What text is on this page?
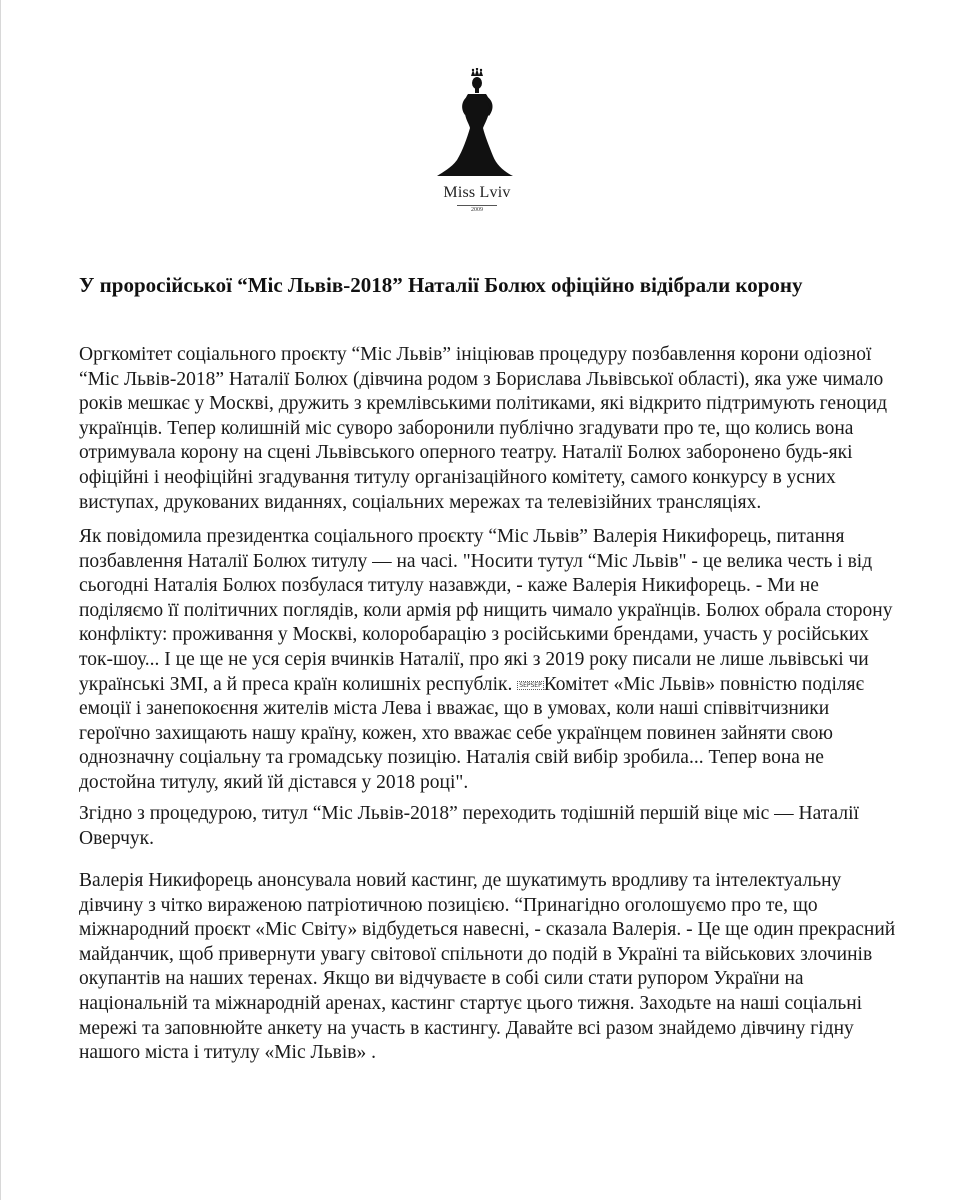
Miss Lviv
2009
У проросійської “Міс Львів-2018” Наталії Болюх офіційно відібрали корону
Оргкомітет соціального проєкту “Міс Львів” ініціював процедуру позбавлення корони одіозної
“Міс Львів-2018” Наталії Болюх (дівчина родом з Борислава Львівської області), яка уже чимало
років мешкає у Москві, дружить з кремлівськими політиками, які відкрито підтримують геноцид
українців. Тепер колишній міс суворо заборонили публічно згадувати про те, що колись вона
отримувала корону на сцені Львівського оперного театру. Наталії Болюх заборонено будь-які
офіційні і неофіційні згадування титулу організаційного комітету, самого конкурсу в усних
виступах, друкованих виданнях, соціальних мережах та телевізійних трансляціях.
Як повідомила президентка соціального проєкту “Міс Львів” Валерія Никифорець, питання
позбавлення Наталії Болюх титулу — на часі. "Носити тутул “Міс Львів" - це велика честь і від
сьогодні Наталія Болюх позбулася титулу назавжди, - каже Валерія Никифорець. - Ми не
поділяємо її політичних поглядів, коли армія рф нищить чимало українців. Болюх обрала сторону
конфлікту: проживання у Москві, колоробарацію з російськими брендами, участь у російських
ток-шоу... І це ще не уся серія вчинків Наталії, про які з 2019 року писали не лише львівські чи
українські ЗМІ, а й преса країн колишніх республік. SEPSEP Комітет «Міс Львів» повністю поділяє
емоції і занепокоєння жителів міста Лева і вважає, що в умовах, коли наші співвітчизники
героїчно захищають нашу країну, кожен, хто вважає себе українцем повинен зайняти свою
однозначну соціальну та громадську позицію. Наталія свій вибір зробила... Тепер вона не
достойна титулу, який їй дістався у 2018 році".
Згідно з процедурою, титул “Міс Львів-2018” переходить тодішній першій віце міс — Наталії
Оверчук.
Валерія Никифорець анонсувала новий кастинг, де шукатимуть вродливу та інтелектуальну
дівчину з чітко вираженою патріотичною позицією. “Принагідно оголошуємо про те, що
міжнародний проєкт «Міс Світу» відбудеться навесні, - сказала Валерія. - Це ще один прекрасний
майданчик, щоб привернути увагу світової спільноти до подій в Україні та військових злочинів
окупантів на наших теренах. Якщо ви відчуваєте в собі сили стати рупором України на
національній та міжнародній аренах, кастинг стартує цього тижня. Заходьте на наші соціальні
мережі та заповнюйте анкету на участь в кастингу. Давайте всі разом знайдемо дівчину гідну
нашого міста і титулу «Міс Львів» .
